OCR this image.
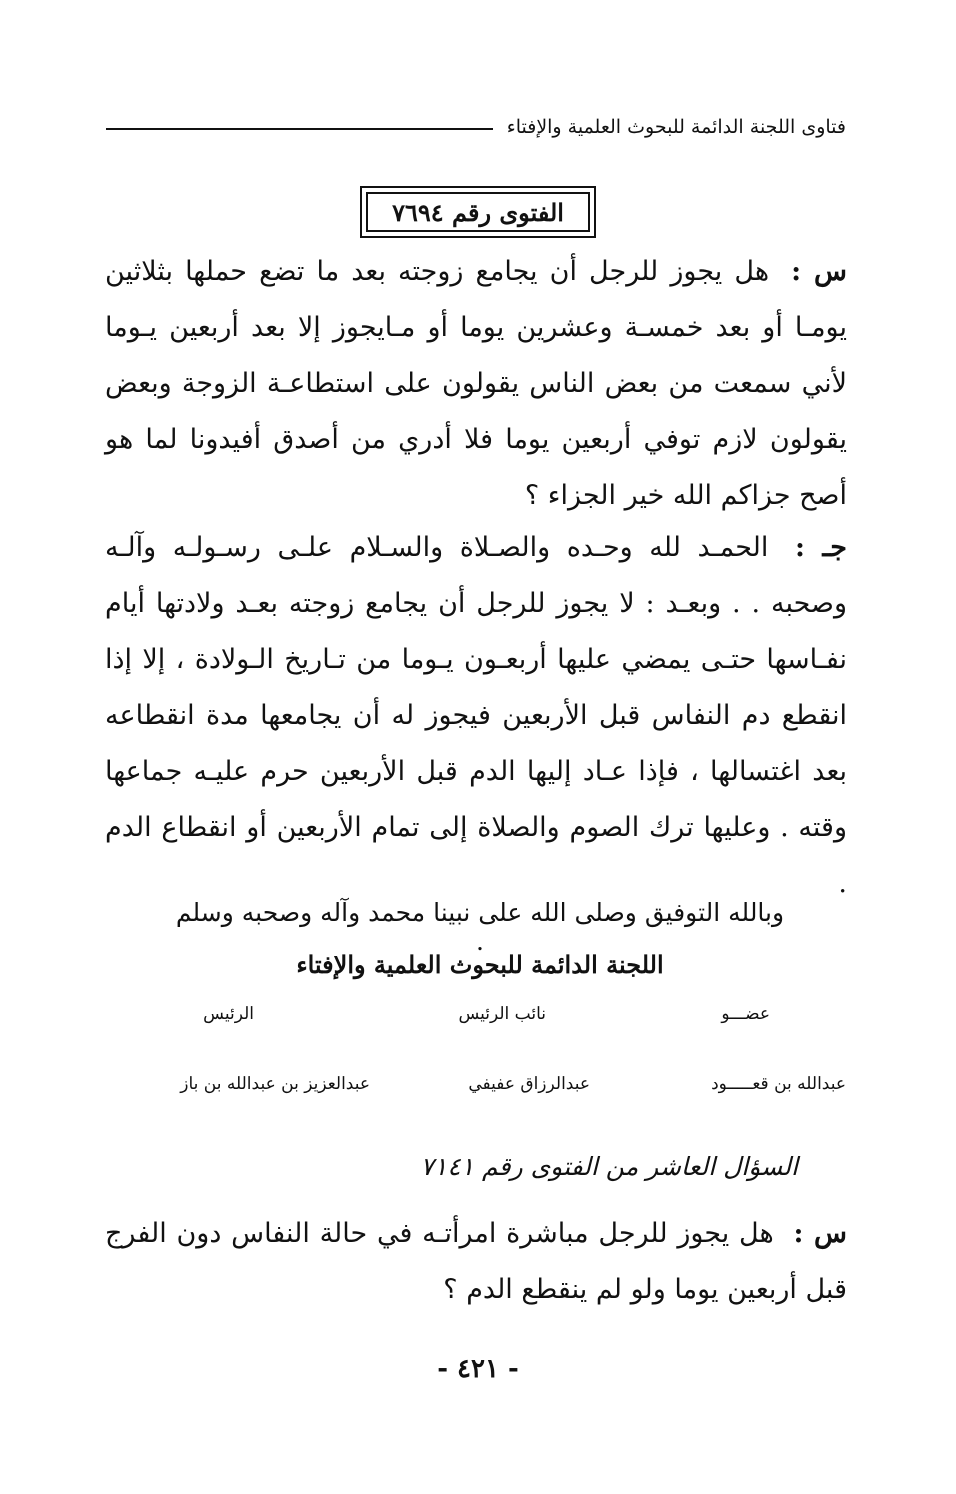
فتاوى اللجنة الدائمة للبحوث العلمية والإفتاء
الفتوى رقم ٧٦٩٤
س : هل يجوز للرجل أن يجامع زوجته بعد ما تضع حملها بثلاثين يومـا أو بعد خمسـة وعشرين يوما أو مـايجوز إلا بعد أربعين يـوما لأني سمعت من بعض الناس يقولون على استطاعـة الزوجة وبعض يقولون لازم توفي أربعين يوما فلا أدري من أصدق أفيدونا لما هو أصح جزاكم الله خير الجزاء ؟
جـ : الحمـد لله وحـده والصـلاة والسـلام علـى رسـولـه وآلـه وصحبه . . وبعـد : لا يجوز للرجل أن يجامع زوجته بعـد ولادتها أيام نفـاسها حتـى يمضي عليها أربعـون يـوما من تـاريخ الـولادة ، إلا إذا انقطع دم النفاس قبل الأربعين فيجوز له أن يجامعها مدة انقطاعه بعد اغتسالها ، فإذا عـاد إليها الدم قبل الأربعين حرم عليـه جماعها وقته . وعليها ترك الصوم والصلاة إلى تمام الأربعين أو انقطاع الدم .
وبالله التوفيق وصلى الله على نبينا محمد وآله وصحبه وسلم .
اللجنة الدائمة للبحوث العلمية والإفتاء
عضـــو
نائب الرئيس
الرئيس
عبدالله بن قعـــــود
عبدالرزاق عفيفي
عبدالعزيز بن عبدالله بن باز
السؤال العاشر من الفتوى رقم ٧١٤١
س : هل يجوز للرجل مباشرة امرأتـه في حالة النفاس دون الفرج قبل أربعين يوما ولو لم ينقطع الدم ؟
- ٤٢١ -
